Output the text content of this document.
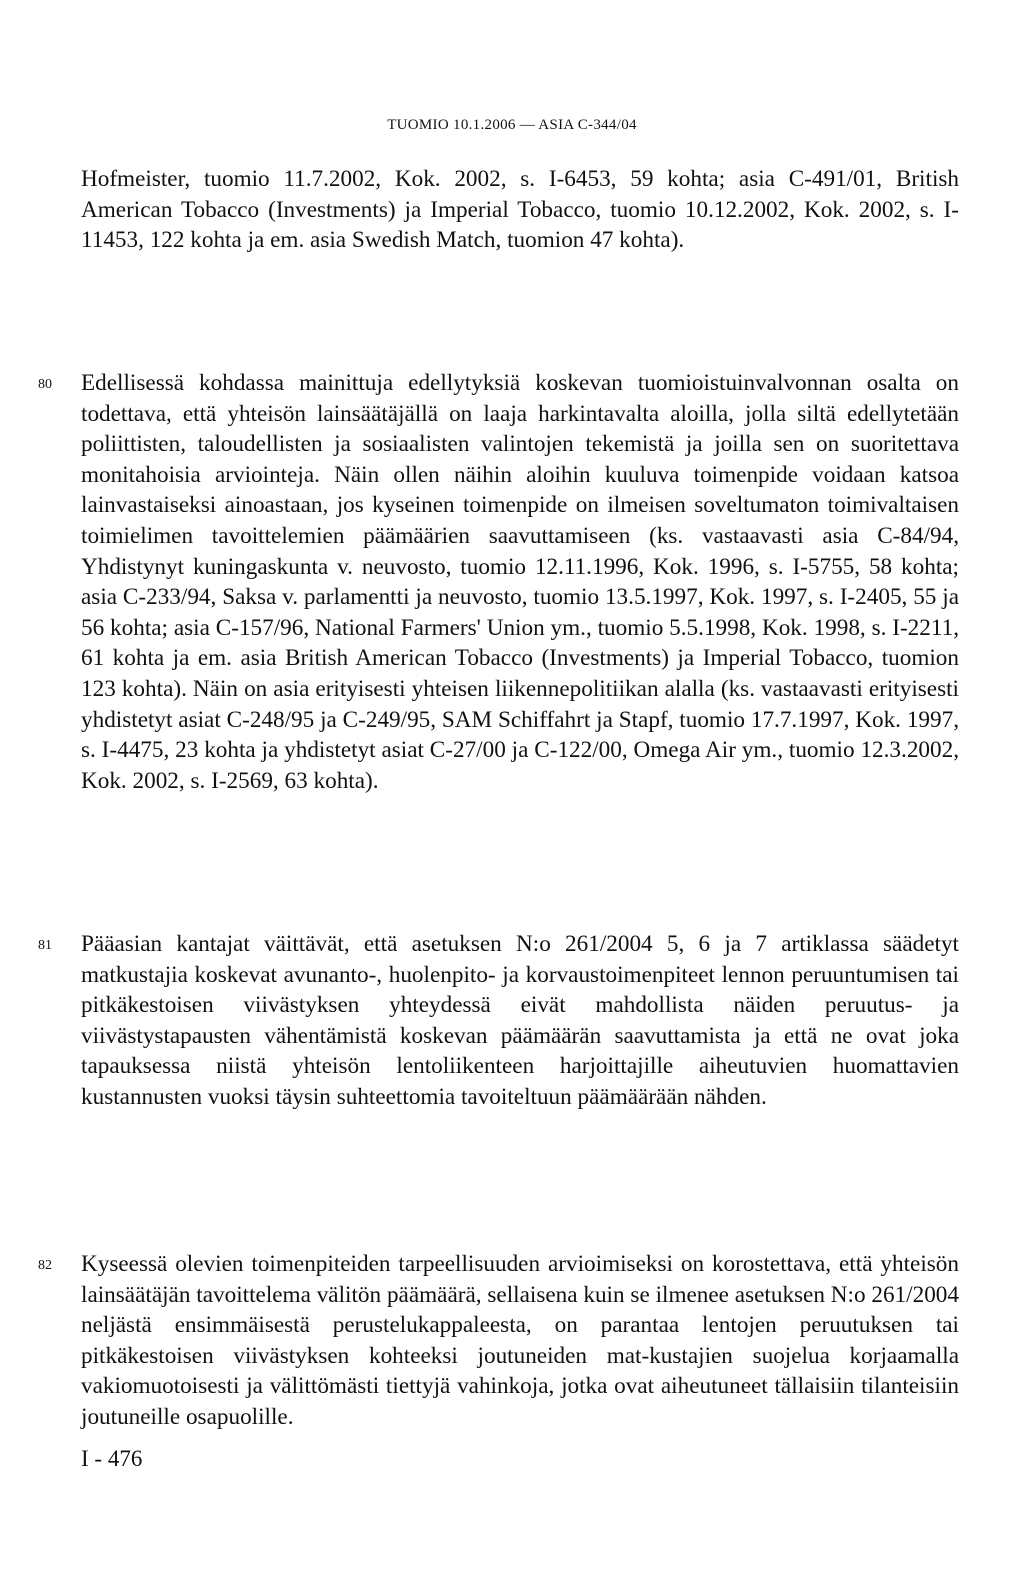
TUOMIO 10.1.2006 — ASIA C-344/04

Hofmeister, tuomio 11.7.2002, Kok. 2002, s. I-6453, 59 kohta; asia C-491/01, British American Tobacco (Investments) ja Imperial Tobacco, tuomio 10.12.2002, Kok. 2002, s. I-11453, 122 kohta ja em. asia Swedish Match, tuomion 47 kohta).

80 Edellisessä kohdassa mainittuja edellytyksiä koskevan tuomioistuinvalvonnan osalta on todettava, että yhteisön lainsäätäjällä on laaja harkintavalta aloilla, jolla siltä edellytetään poliittisten, taloudellisten ja sosiaalisten valintojen tekemistä ja joilla sen on suoritettava monitahoisia arviointeja. Näin ollen näihin aloihin kuuluva toimenpide voidaan katsoa lainvastaiseksi ainoastaan, jos kyseinen toimenpide on ilmeisen soveltumaton toimivaltaisen toimielimen tavoittelemien päämäärien saavuttamiseen (ks. vastaavasti asia C-84/94, Yhdistynyt kuningaskunta v. neuvosto, tuomio 12.11.1996, Kok. 1996, s. I-5755, 58 kohta; asia C-233/94, Saksa v. parlamentti ja neuvosto, tuomio 13.5.1997, Kok. 1997, s. I-2405, 55 ja 56 kohta; asia C-157/96, National Farmers' Union ym., tuomio 5.5.1998, Kok. 1998, s. I-2211, 61 kohta ja em. asia British American Tobacco (Investments) ja Imperial Tobacco, tuomion 123 kohta). Näin on asia erityisesti yhteisen liikennepolitiikan alalla (ks. vastaavasti erityisesti yhdistetyt asiat C-248/95 ja C-249/95, SAM Schiffahrt ja Stapf, tuomio 17.7.1997, Kok. 1997, s. I-4475, 23 kohta ja yhdistetyt asiat C-27/00 ja C-122/00, Omega Air ym., tuomio 12.3.2002, Kok. 2002, s. I-2569, 63 kohta).

81 Pääasian kantajat väittävät, että asetuksen N:o 261/2004 5, 6 ja 7 artiklassa säädetyt matkustajia koskevat avunanto-, huolenpito- ja korvaustoimenpiteet lennon peruuntumisen tai pitkäkestoisen viivästyksen yhteydessä eivät mahdollista näiden peruutus- ja viivästystapausten vähentämistä koskevan päämäärän saavuttamista ja että ne ovat joka tapauksessa niistä yhteisön lentoliikenteen harjoittajille aiheutuvien huomattavien kustannusten vuoksi täysin suhteettomia tavoiteltuun päämäärään nähden.

82 Kyseessä olevien toimenpiteiden tarpeellisuuden arvioimiseksi on korostettava, että yhteisön lainsäätäjän tavoittelema välitön päämäärä, sellaisena kuin se ilmenee asetuksen N:o 261/2004 neljästä ensimmäisestä perustelukappaleesta, on parantaa lentojen peruutuksen tai pitkäkestoisen viivästyksen kohteeksi joutuneiden mat-kustajien suojelua korjaamalla vakiomuotoisesti ja välittömästi tiettyjä vahinkoja, jotka ovat aiheutuneet tällaisiin tilanteisiin joutuneille osapuolille.

I - 476
